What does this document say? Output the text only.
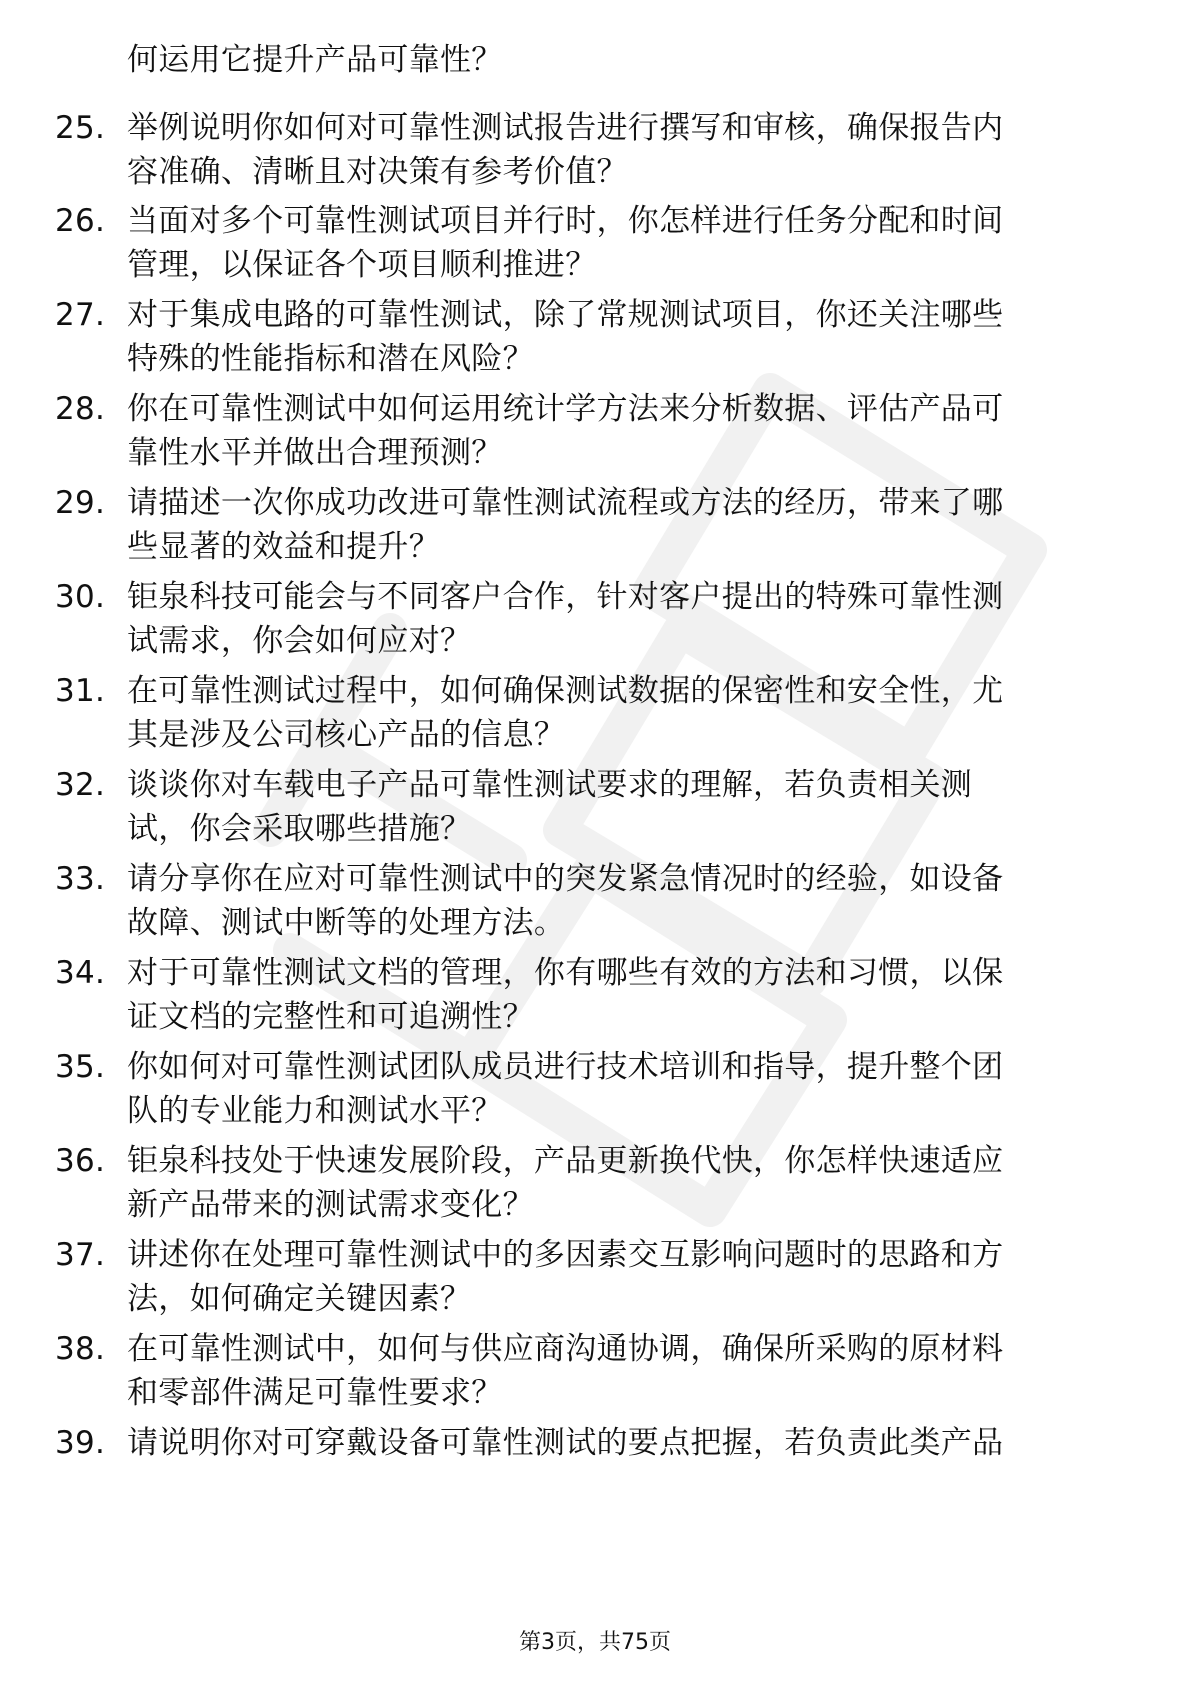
何运用它提升产品可靠性？
25. 举例说明你如何对可靠性测试报告进行撰写和审核，确保报告内
容准确、清晰且对决策有参考价值？
26. 当面对多个可靠性测试项目并行时，你怎样进行任务分配和时间
管理，以保证各个项目顺利推进？
27. 对于集成电路的可靠性测试，除了常规测试项目，你还关注哪些
特殊的性能指标和潜在风险？
28. 你在可靠性测试中如何运用统计学方法来分析数据、评估产品可
靠性水平并做出合理预测？
29. 请描述一次你成功改进可靠性测试流程或方法的经历，带来了哪
些显著的效益和提升？
30. 钜泉科技可能会与不同客户合作，针对客户提出的特殊可靠性测
试需求，你会如何应对？
31. 在可靠性测试过程中，如何确保测试数据的保密性和安全性，尤
其是涉及公司核心产品的信息？
32. 谈谈你对车载电子产品可靠性测试要求的理解，若负责相关测
试，你会采取哪些措施？
33. 请分享你在应对可靠性测试中的突发紧急情况时的经验，如设备
故障、测试中断等的处理方法。
34. 对于可靠性测试文档的管理，你有哪些有效的方法和习惯，以保
证文档的完整性和可追溯性？
35. 你如何对可靠性测试团队成员进行技术培训和指导，提升整个团
队的专业能力和测试水平？
36. 钜泉科技处于快速发展阶段，产品更新换代快，你怎样快速适应
新产品带来的测试需求变化？
37. 讲述你在处理可靠性测试中的多因素交互影响问题时的思路和方
法，如何确定关键因素？
38. 在可靠性测试中，如何与供应商沟通协调，确保所采购的原材料
和零部件满足可靠性要求？
39. 请说明你对可穿戴设备可靠性测试的要点把握，若负责此类产品
第3页，共75页
